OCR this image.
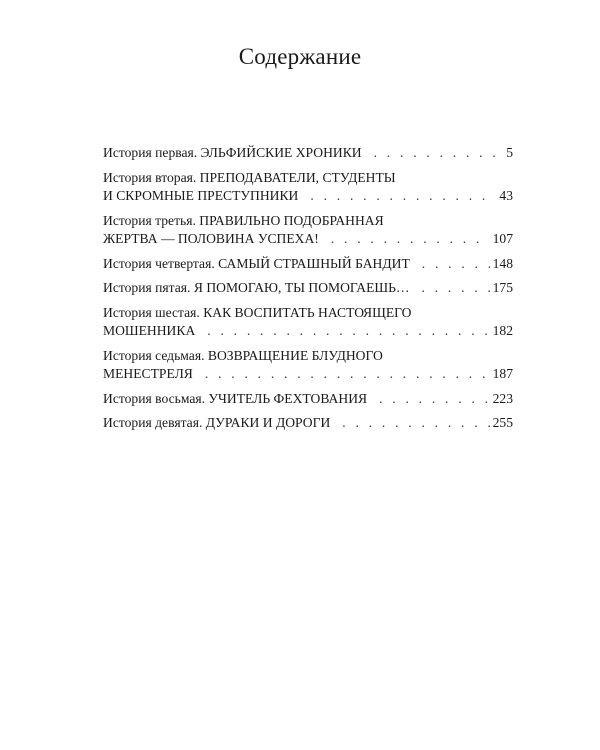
Содержание
История первая. ЭЛЬФИЙСКИЕ ХРОНИКИ . . .	5
История вторая. ПРЕПОДАВАТЕЛИ, СТУДЕНТЫ
И СКРОМНЫЕ ПРЕСТУПНИКИ . . .	43
История третья. ПРАВИЛЬНО ПОДОБРАННАЯ
ЖЕРТВА — ПОЛОВИНА УСПЕХА! . . .	107
История четвертая. САМЫЙ СТРАШНЫЙ БАНДИТ . . .	148
История пятая. Я ПОМОГАЮ, ТЫ ПОМОГАЕШЬ… . . .	175
История шестая. КАК ВОСПИТАТЬ НАСТОЯЩЕГО
МОШЕННИКА . . .	182
История седьмая. ВОЗВРАЩЕНИЕ БЛУДНОГО
МЕНЕСТРЕЛЯ . . .	187
История восьмая. УЧИТЕЛЬ ФЕХТОВАНИЯ . . .	223
История девятая. ДУРАКИ И ДОРОГИ . . .	255
